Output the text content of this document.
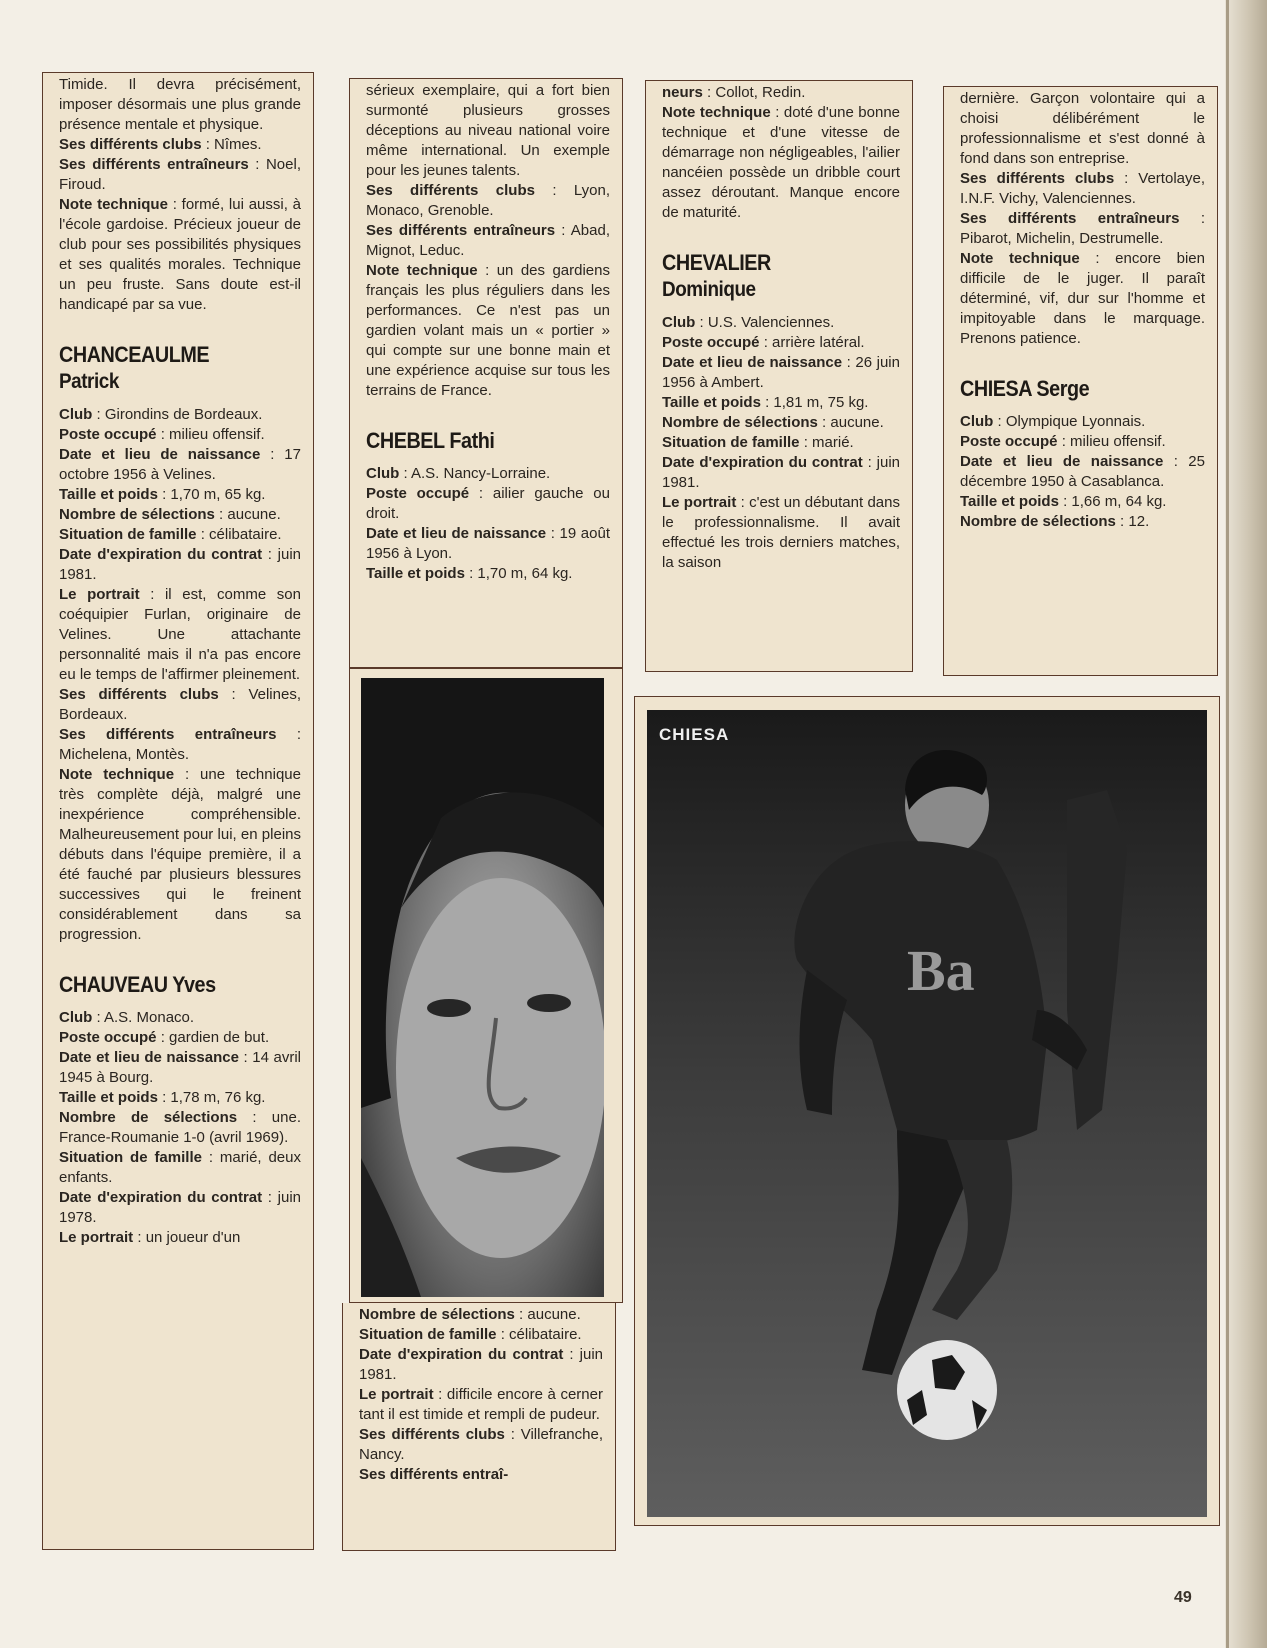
Timide. Il devra précisément, imposer désormais une plus grande présence mentale et physique.

Ses différents clubs : Nîmes.

Ses différents entraîneurs : Noel, Firoud.

Note technique : formé, lui aussi, à l'école gardoise. Précieux joueur de club pour ses possibilités physiques et ses qualités morales. Technique un peu fruste. Sans doute est-il handicapé par sa vue.

CHANCEAULME
Patrick

Club : Girondins de Bordeaux.

Poste occupé : milieu offensif.

Date et lieu de naissance : 17 octobre 1956 à Velines.

Taille et poids : 1,70 m, 65 kg.

Nombre de sélections : aucune.

Situation de famille : célibataire.

Date d'expiration du contrat : juin 1981.

Le portrait : il est, comme son coéquipier Furlan, originaire de Velines. Une attachante personnalité mais il n'a pas encore eu le temps de l'affirmer pleinement.

Ses différents clubs : Velines, Bordeaux.

Ses différents entraîneurs : Michelena, Montès.

Note technique : une technique très complète déjà, malgré une inexpérience compréhensible. Malheureusement pour lui, en pleins débuts dans l'équipe première, il a été fauché par plusieurs blessures successives qui le freinent considérablement dans sa progression.

CHAUVEAU Yves

Club : A.S. Monaco.

Poste occupé : gardien de but.

Date et lieu de naissance : 14 avril 1945 à Bourg.

Taille et poids : 1,78 m, 76 kg.

Nombre de sélections : une. France-Roumanie 1-0 (avril 1969).

Situation de famille : marié, deux enfants.

Date d'expiration du contrat : juin 1978.

Le portrait : un joueur d'un

sérieux exemplaire, qui a fort bien surmonté plusieurs grosses déceptions au niveau national voire même international. Un exemple pour les jeunes talents.

Ses différents clubs : Lyon, Monaco, Grenoble.

Ses différents entraîneurs : Abad, Mignot, Leduc.

Note technique : un des gardiens français les plus réguliers dans les performances. Ce n'est pas un gardien volant mais un « portier » qui compte sur une bonne main et une expérience acquise sur tous les terrains de France.

CHEBEL Fathi

Club : A.S. Nancy-Lorraine.

Poste occupé : ailier gauche ou droit.

Date et lieu de naissance : 19 août 1956 à Lyon.

Taille et poids : 1,70 m, 64 kg.

Nombre de sélections : aucune.

Situation de famille : célibataire.

Date d'expiration du contrat : juin 1981.

Le portrait : difficile encore à cerner tant il est timide et rempli de pudeur.

Ses différents clubs : Villefranche, Nancy.

Ses différents entraî-

neurs : Collot, Redin.

Note technique : doté d'une bonne technique et d'une vitesse de démarrage non négligeables, l'ailier nancéien possède un dribble court assez déroutant. Manque encore de maturité.

CHEVALIER
Dominique

Club : U.S. Valenciennes.

Poste occupé : arrière latéral.

Date et lieu de naissance : 26 juin 1956 à Ambert.

Taille et poids : 1,81 m, 75 kg.

Nombre de sélections : aucune.

Situation de famille : marié.

Date d'expiration du contrat : juin 1981.

Le portrait : c'est un débutant dans le professionnalisme. Il avait effectué les trois derniers matches, la saison

dernière. Garçon volontaire qui a choisi délibérément le professionnalisme et s'est donné à fond dans son entreprise.

Ses différents clubs : Vertolaye, I.N.F. Vichy, Valenciennes.

Ses différents entraîneurs : Pibarot, Michelin, Destrumelle.

Note technique : encore bien difficile de le juger. Il paraît déterminé, vif, dur sur l'homme et impitoyable dans le marquage. Prenons patience.

CHIESA Serge

Club : Olympique Lyonnais.

Poste occupé : milieu offensif.

Date et lieu de naissance : 25 décembre 1950 à Casablanca.

Taille et poids : 1,66 m, 64 kg.

Nombre de sélections : 12.

Ba
CHIESA
49
